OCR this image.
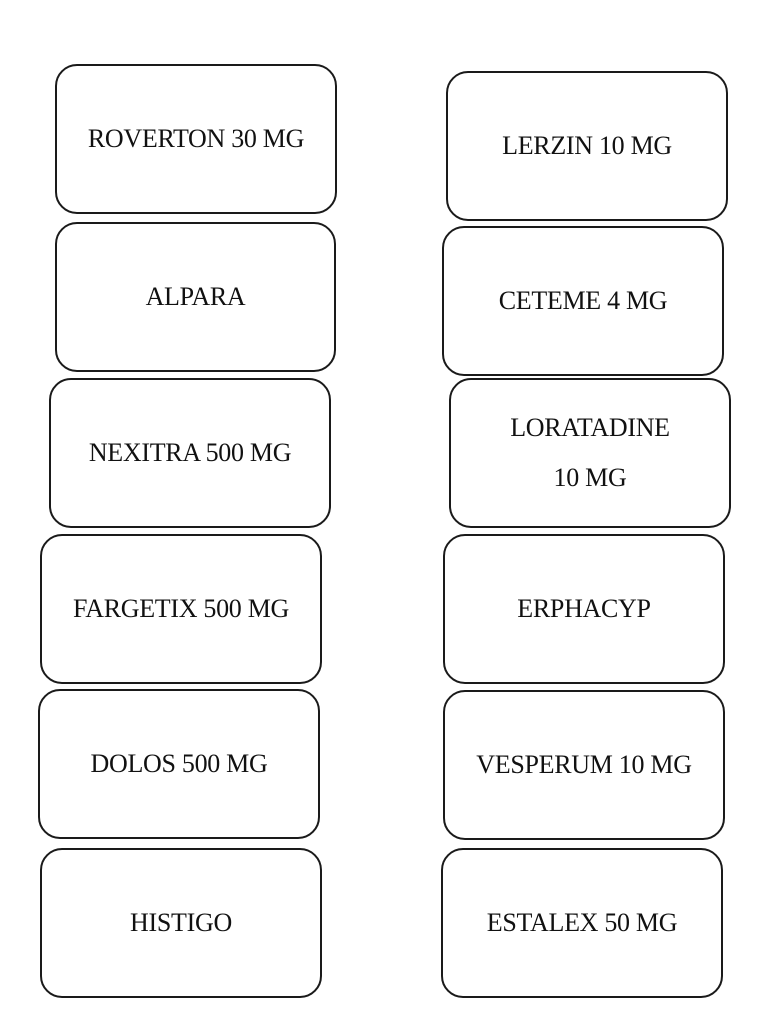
ROVERTON 30 MG
ALPARA
NEXITRA 500 MG
FARGETIX 500 MG
DOLOS 500 MG
HISTIGO
LERZIN 10 MG
CETEME 4 MG
LORATADINE
10 MG
ERPHACYP
VESPERUM 10 MG
ESTALEX 50 MG
